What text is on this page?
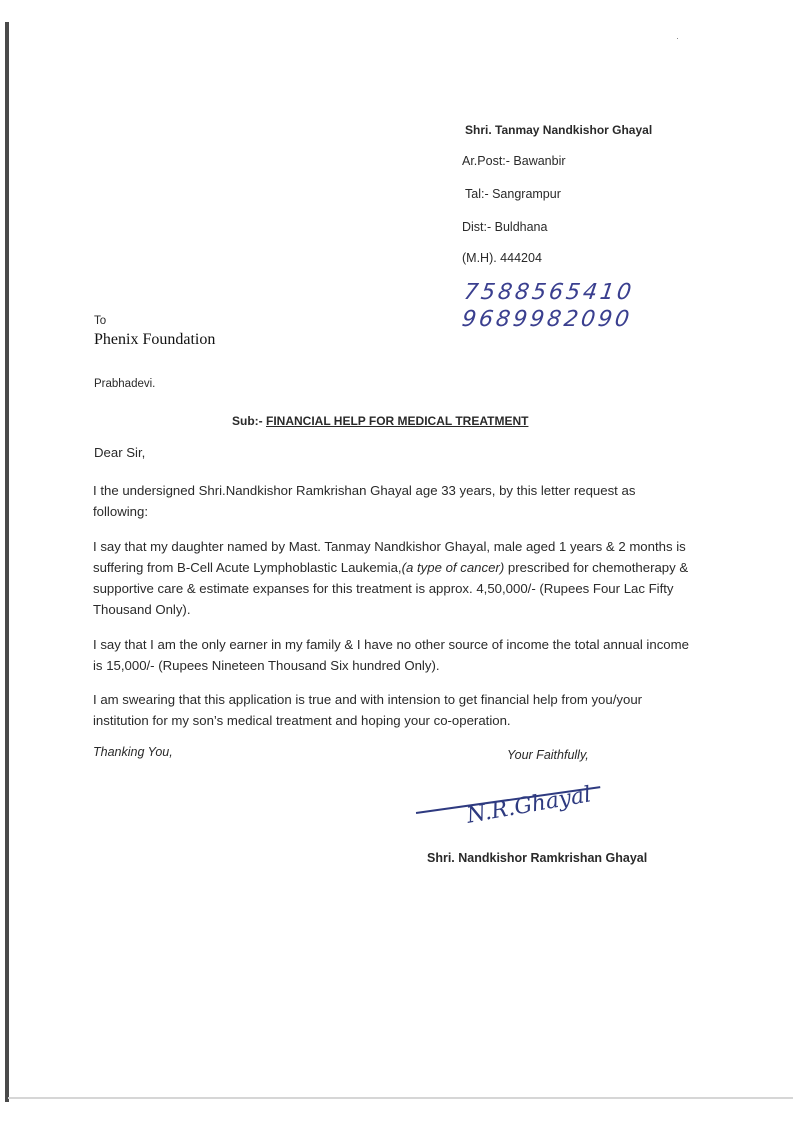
·
Shri. Tanmay Nandkishor Ghayal
Ar.Post:- Bawanbir
Tal:- Sangrampur
Dist:- Buldhana
(M.H). 444204
7588565410
9689982090
To
Phenix Foundation
Prabhadevi.
Sub:- FINANCIAL HELP FOR MEDICAL TREATMENT
Dear Sir,
I the undersigned Shri.Nandkishor Ramkrishan Ghayal age 33 years, by this letter request as following:
I say that my daughter named by Mast. Tanmay Nandkishor Ghayal, male aged 1 years & 2 months is suffering from B-Cell Acute Lymphoblastic Laukemia,(a type of cancer) prescribed for chemotherapy & supportive care & estimate expanses for this treatment is approx. 4,50,000/- (Rupees Four Lac Fifty Thousand Only).
I say that I am the only earner in my family & I have no other source of income the total annual income is 15,000/- (Rupees Nineteen Thousand Six hundred Only).
I am swearing that this application is true and with intension to get financial help from you/your institution for my son’s medical treatment and hoping your co-operation.
Thanking You,	Your Faithfully,
N.R.Ghayal
Shri. Nandkishor Ramkrishan Ghayal
